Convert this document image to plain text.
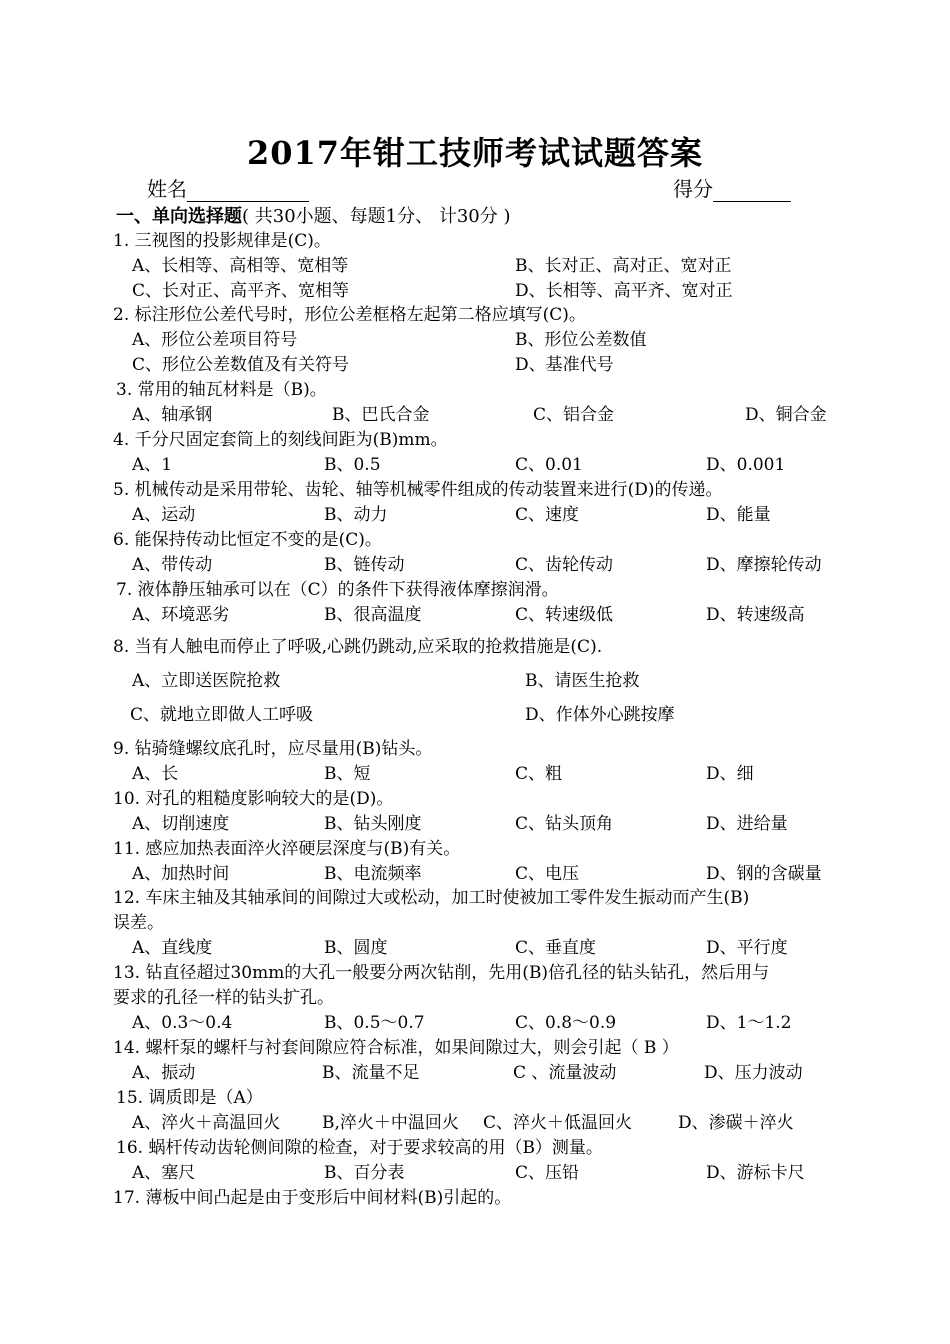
2017年钳工技师考试试题答案
姓名	得分
一、单向选择题( 共30小题、每题1分、 计30分 )
1. 三视图的投影规律是(C)。
A、长相等、高相等、宽相等	B、长对正、高对正、宽对正
C、长对正、高平齐、宽相等	D、长相等、高平齐、宽对正
2. 标注形位公差代号时，形位公差框格左起第二格应填写(C)。
A、形位公差项目符号	B、形位公差数值
C、形位公差数值及有关符号	D、基准代号
3. 常用的轴瓦材料是（B)。
A、轴承钢	B、巴氏合金	C、铝合金	D、铜合金
4. 千分尺固定套筒上的刻线间距为(B)mm。
A、1	B、0.5	C、0.01	D、0.001
5. 机械传动是采用带轮、齿轮、轴等机械零件组成的传动装置来进行(D)的传递。
A、运动	B、动力	C、速度	D、能量
6. 能保持传动比恒定不变的是(C)。
A、带传动	B、链传动	C、齿轮传动	D、摩擦轮传动
7. 液体静压轴承可以在（C）的条件下获得液体摩擦润滑。
A、环境恶劣	B、很高温度	C、转速级低	D、转速级高
8. 当有人触电而停止了呼吸,心跳仍跳动,应采取的抢救措施是(C).
A、立即送医院抢救	B、请医生抢救
C、就地立即做人工呼吸	D、作体外心跳按摩
9. 钻骑缝螺纹底孔时，应尽量用(B)钻头。
A、长	B、短	C、粗	D、细
10. 对孔的粗糙度影响较大的是(D)。
A、切削速度	B、钻头刚度	C、钻头顶角	D、进给量
11. 感应加热表面淬火淬硬层深度与(B)有关。
A、加热时间	B、电流频率	C、电压	D、钢的含碳量
12. 车床主轴及其轴承间的间隙过大或松动，加工时使被加工零件发生振动而产生(B)
误差。
A、直线度	B、圆度	C、垂直度	D、平行度
13. 钻直径超过30mm的大孔一般要分两次钻削，先用(B)倍孔径的钻头钻孔，然后用与
要求的孔径一样的钻头扩孔。
A、0.3～0.4	B、0.5～0.7	C、0.8～0.9	D、1～1.2
14. 螺杆泵的螺杆与衬套间隙应符合标准，如果间隙过大，则会引起（ B ）
A、振动	B、流量不足	C 、流量波动	D、压力波动
15. 调质即是（A）
A、淬火＋高温回火 B,淬火＋中温回火 C、淬火＋低温回火	D、渗碳＋淬火
16. 蜗杆传动齿轮侧间隙的检查，对于要求较高的用（B）测量。
A、塞尺	B、百分表	C、压铅	D、游标卡尺
17. 薄板中间凸起是由于变形后中间材料(B)引起的。
